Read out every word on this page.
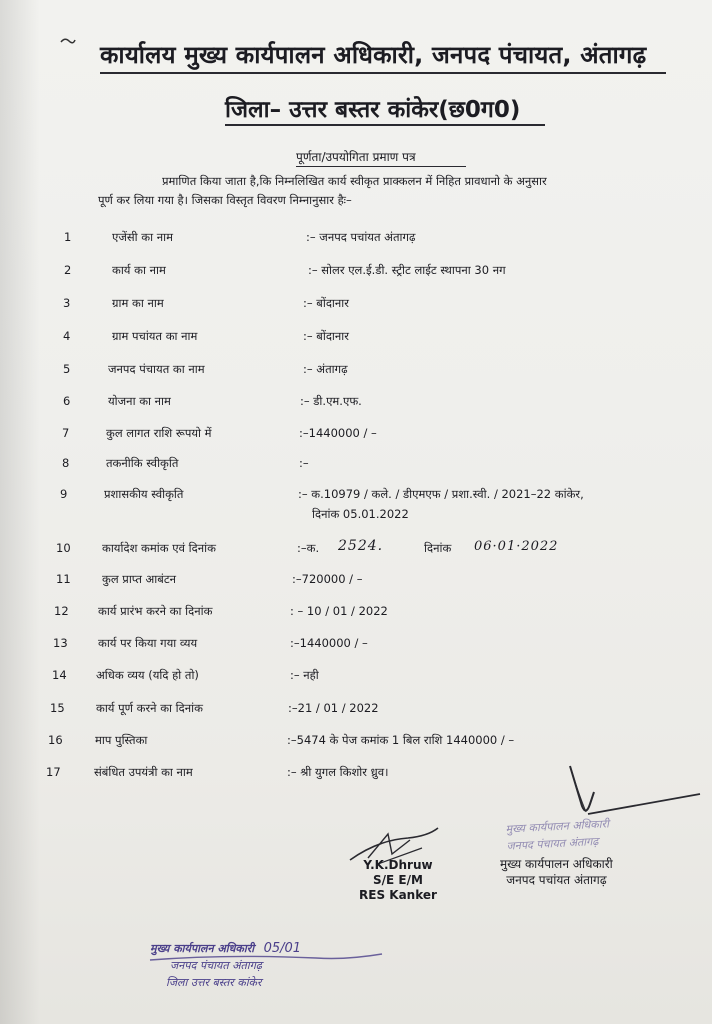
कार्यालय मुख्य कार्यपालन अधिकारी, जनपद पंचायत, अंतागढ़
जिला– उत्तर बस्तर कांकेर(छ0ग0)
पूर्णता/उपयोगिता प्रमाण पत्र
प्रमाणित किया जाता है,कि निम्नलिखित कार्य स्वीकृत प्राक्कलन में निहित प्रावधानो के अनुसार
पूर्ण कर लिया गया है। जिसका विस्तृत विवरण निम्नानुसार हैः–
1	एजेंसी का नाम	:– जनपद पचांयत अंतागढ़
2	कार्य का नाम	:– सोलर एल.ई.डी. स्ट्रीट लाईट स्थापना 30 नग
3	ग्राम का नाम	:– बोंदानार
4	ग्राम पचांयत का नाम	:– बोंदानार
5	जनपद पंचायत का नाम	:– अंतागढ़
6	योजना का नाम	:– डी.एम.एफ.
7	कुल लागत राशि रूपयो में	:–1440000 / –
8	तकनीकि स्वीकृति	:–
9	प्रशासकीय स्वीकृति	:– क.10979 / कले. / डीएमएफ / प्रशा.स्वी. / 2021–22 कांकेर,
दिनांक 05.01.2022
10	कार्यादेश कमांक एवं दिनांक	:–क. 2524.	दिनांक 06·01·2022
11	कुल प्राप्त आबंटन	:–720000 / –
12	कार्य प्रारंभ करने का दिनांक	: – 10 / 01 / 2022
13	कार्य पर किया गया व्यय	:–1440000 / –
14	अधिक व्यय (यदि हो तो)	:– नही
15	कार्य पूर्ण करने का दिनांक	:–21 / 01 / 2022
16	माप पुस्तिका	:–5474 के पेज कमांक 1 बिल राशि 1440000 / –
17	संबंधित उपयंत्री का नाम	:– श्री युगल किशोर ध्रुव।
मुख्य कार्यपालन अधिकारी
जनपद पंचायत अंतागढ़
मुख्य कार्यपालन अधिकारी
जनपद पचांयत अंतागढ़
Y.K.Dhruw
S/E E/M
RES Kanker
मुख्य कार्यपालन अधिकारी 05/01
जनपद पंचायत अंतागढ़
जिला उत्तर बस्तर कांकेर
